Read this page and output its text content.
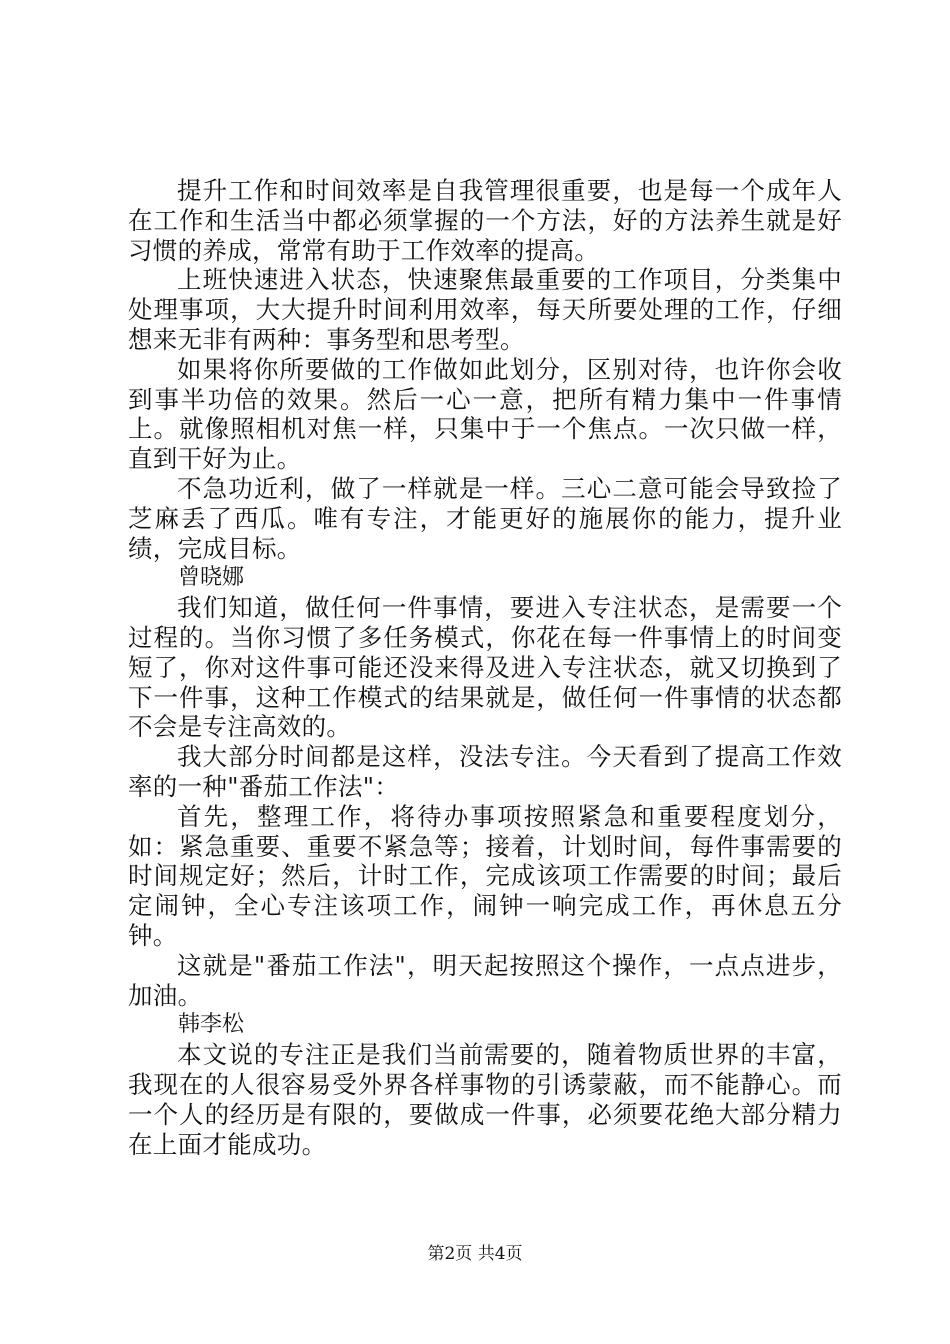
提升工作和时间效率是自我管理很重要，也是每一个成年人在工作和生活当中都必须掌握的一个方法，好的方法养生就是好习惯的养成，常常有助于工作效率的提高。

上班快速进入状态，快速聚焦最重要的工作项目，分类集中处理事项，大大提升时间利用效率，每天所要处理的工作，仔细想来无非有两种：事务型和思考型。

如果将你所要做的工作做如此划分，区别对待，也许你会收到事半功倍的效果。然后一心一意，把所有精力集中一件事情上。就像照相机对焦一样，只集中于一个焦点。一次只做一样，直到干好为止。

不急功近利，做了一样就是一样。三心二意可能会导致捡了芝麻丢了西瓜。唯有专注，才能更好的施展你的能力，提升业绩，完成目标。

曾晓娜

我们知道，做任何一件事情，要进入专注状态，是需要一个过程的。当你习惯了多任务模式，你花在每一件事情上的时间变短了，你对这件事可能还没来得及进入专注状态，就又切换到了下一件事，这种工作模式的结果就是，做任何一件事情的状态都不会是专注高效的。

我大部分时间都是这样，没法专注。今天看到了提高工作效率的一种"番茄工作法"：

首先，整理工作，将待办事项按照紧急和重要程度划分，如：紧急重要、重要不紧急等；接着，计划时间，每件事需要的时间规定好；然后，计时工作，完成该项工作需要的时间；最后定闹钟，全心专注该项工作，闹钟一响完成工作，再休息五分钟。

这就是"番茄工作法"，明天起按照这个操作，一点点进步，加油。

韩李松

本文说的专注正是我们当前需要的，随着物质世界的丰富，我现在的人很容易受外界各样事物的引诱蒙蔽，而不能静心。而一个人的经历是有限的，要做成一件事，必须要花绝大部分精力在上面才能成功。

第2页 共4页
